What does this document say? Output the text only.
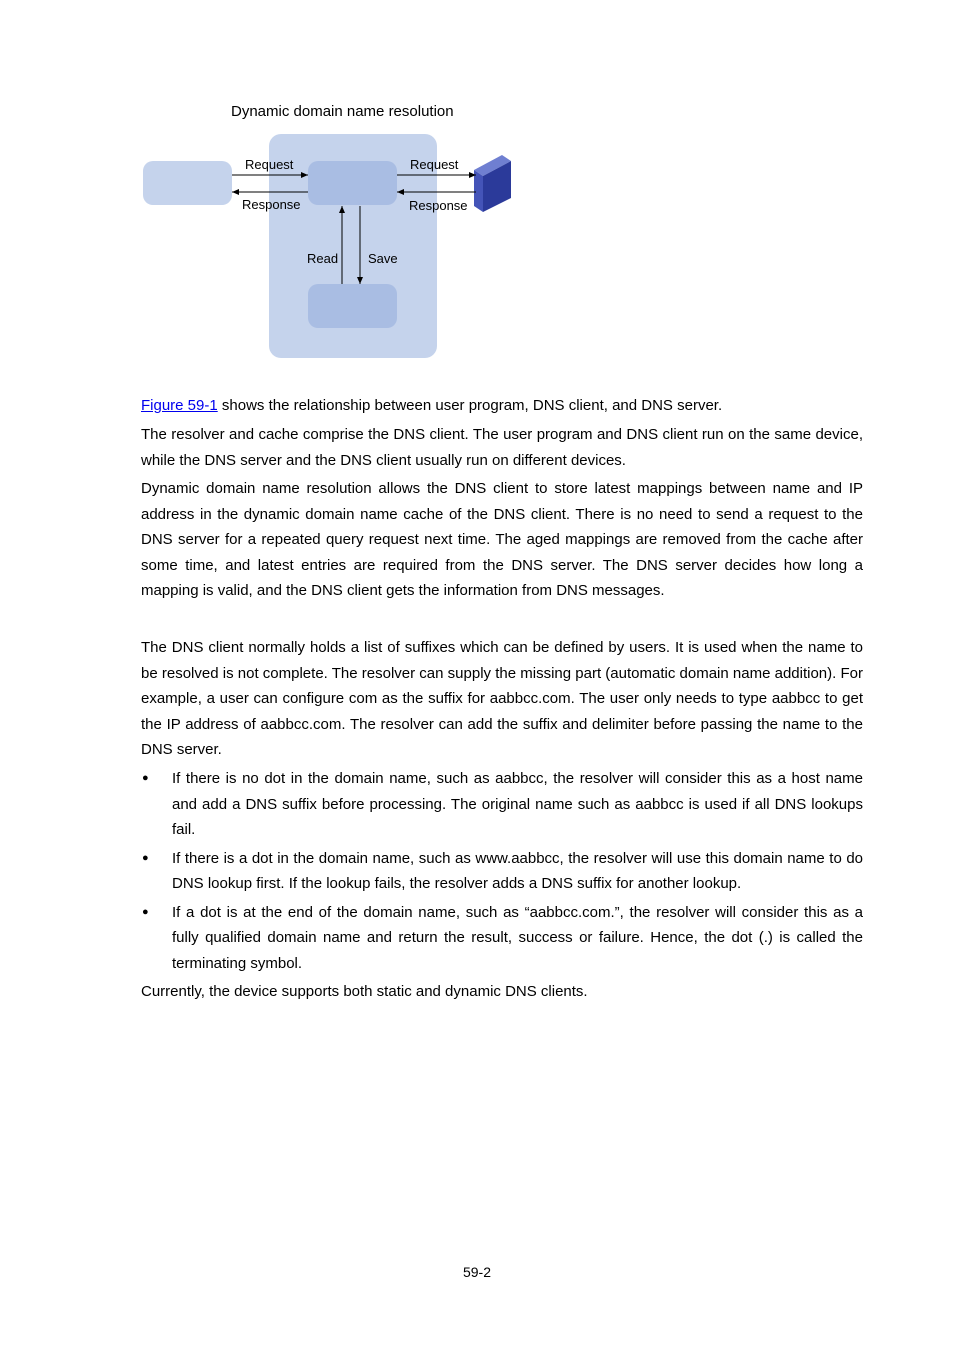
Dynamic domain name resolution
Request
Response
Request
Response
Read Save

Figure 59-1 shows the relationship between user program, DNS client, and DNS server.

The resolver and cache comprise the DNS client. The user program and DNS client run on the same device, while the DNS server and the DNS client usually run on different devices.

Dynamic domain name resolution allows the DNS client to store latest mappings between name and IP address in the dynamic domain name cache of the DNS client. There is no need to send a request to the DNS server for a repeated query request next time. The aged mappings are removed from the cache after some time, and latest entries are required from the DNS server. The DNS server decides how long a mapping is valid, and the DNS client gets the information from DNS messages.

The DNS client normally holds a list of suffixes which can be defined by users. It is used when the name to be resolved is not complete. The resolver can supply the missing part (automatic domain name addition). For example, a user can configure com as the suffix for aabbcc.com. The user only needs to type aabbcc to get the IP address of aabbcc.com. The resolver can add the suffix and delimiter before passing the name to the DNS server.

● If there is no dot in the domain name, such as aabbcc, the resolver will consider this as a host name and add a DNS suffix before processing. The original name such as aabbcc is used if all DNS lookups fail.
● If there is a dot in the domain name, such as www.aabbcc, the resolver will use this domain name to do DNS lookup first. If the lookup fails, the resolver adds a DNS suffix for another lookup.
● If a dot is at the end of the domain name, such as “aabbcc.com.”, the resolver will consider this as a fully qualified domain name and return the result, success or failure. Hence, the dot (.) is called the terminating symbol.

Currently, the device supports both static and dynamic DNS clients.

59-2
